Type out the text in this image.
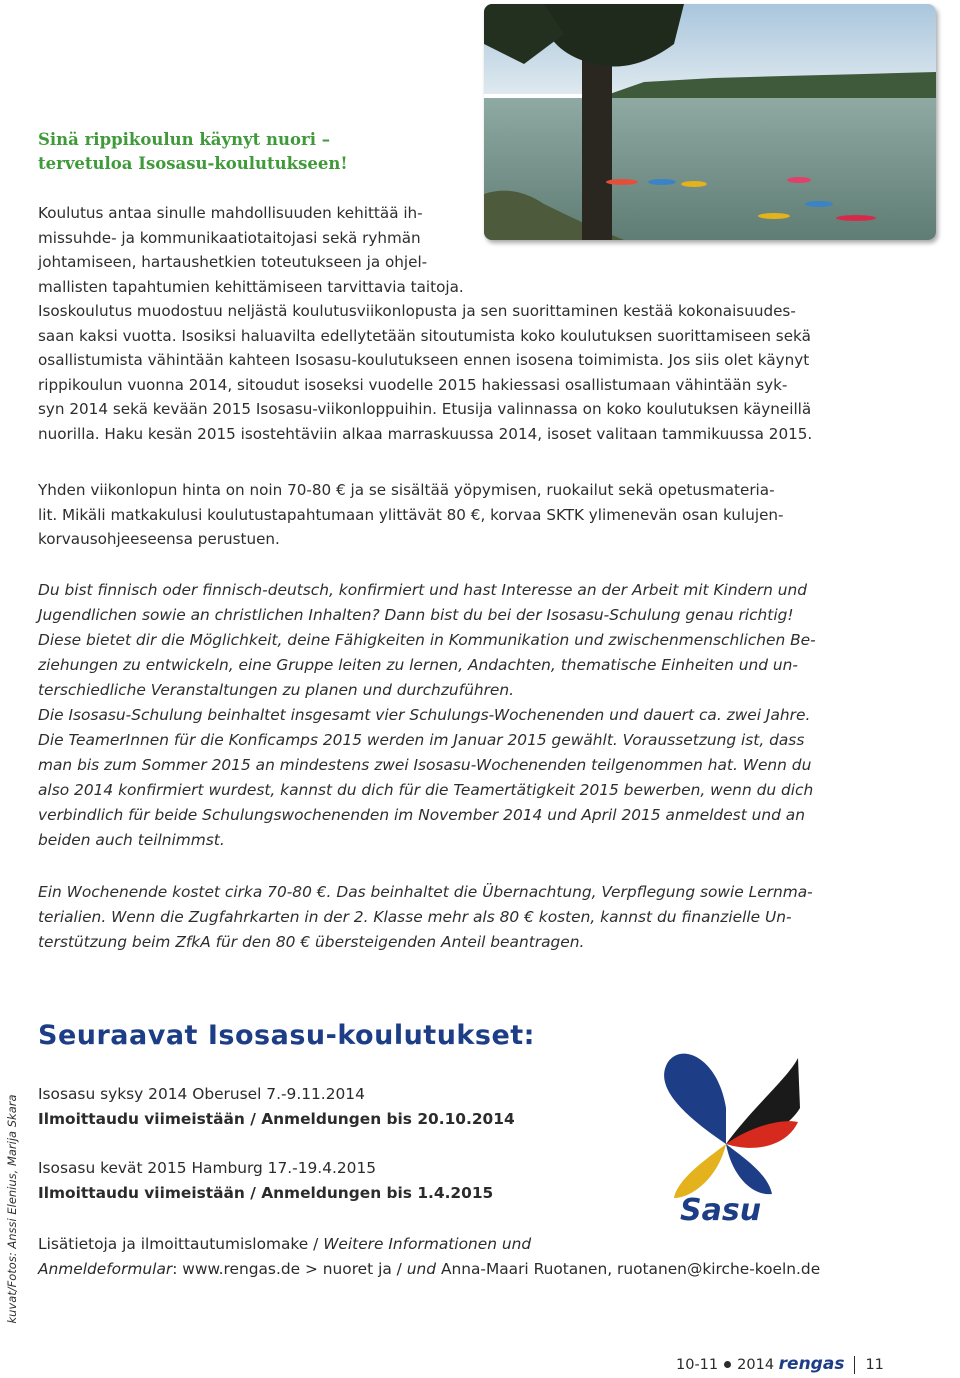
Sinä rippikoulun käynyt nuori –
tervetuloa Isosasu-koulutukseen!
Koulutus antaa sinulle mahdollisuuden kehittää ih-
missuhde- ja kommunikaatiotaitojasi sekä ryhmän
johtamiseen, hartaushetkien toteutukseen ja ohjel-
mallisten tapahtumien kehittämiseen tarvittavia taitoja.
Isoskoulutus muodostuu neljästä koulutusviikonlopusta ja sen suorittaminen kestää kokonaisuudes-
saan kaksi vuotta. Isosiksi haluavilta edellytetään sitoutumista koko koulutuksen suorittamiseen sekä
osallistumista vähintään kahteen Isosasu-koulutukseen ennen isosena toimimista. Jos siis olet käynyt
rippikoulun vuonna 2014, sitoudut isoseksi vuodelle 2015 hakiessasi osallistumaan vähintään syk-
syn 2014 sekä kevään 2015 Isosasu-viikonloppuihin. Etusija valinnassa on koko koulutuksen käyneillä
nuorilla. Haku kesän 2015 isostehtäviin alkaa marraskuussa 2014, isoset valitaan tammikuussa 2015.
Yhden viikonlopun hinta on noin 70-80 € ja se sisältää yöpymisen, ruokailut sekä opetusmateria-
lit. Mikäli matkakulusi koulutustapahtumaan ylittävät 80 €, korvaa SKTK ylimenevän osan kulujen-
korvausohjeeseensa perustuen.
Du bist finnisch oder finnisch-deutsch, konfirmiert und hast Interesse an der Arbeit mit Kindern und
Jugendlichen sowie an christlichen Inhalten? Dann bist du bei der Isosasu-Schulung genau richtig!
Diese bietet dir die Möglichkeit, deine Fähigkeiten in Kommunikation und zwischenmenschlichen Be-
ziehungen zu entwickeln, eine Gruppe leiten zu lernen, Andachten, thematische Einheiten und un-
terschiedliche Veranstaltungen zu planen und durchzuführen.
Die Isosasu-Schulung beinhaltet insgesamt vier Schulungs-Wochenenden und dauert ca. zwei Jahre.
Die TeamerInnen für die Konficamps 2015 werden im Januar 2015 gewählt. Voraussetzung ist, dass
man bis zum Sommer 2015 an mindestens zwei Isosasu-Wochenenden teilgenommen hat. Wenn du
also 2014 konfirmiert wurdest, kannst du dich für die Teamertätigkeit 2015 bewerben, wenn du dich
verbindlich für beide Schulungswochenenden im November 2014 und April 2015 anmeldest und an
beiden auch teilnimmst.
Ein Wochenende kostet cirka 70-80 €. Das beinhaltet die Übernachtung, Verpflegung sowie Lernma-
terialien. Wenn die Zugfahrkarten in der 2. Klasse mehr als 80 € kosten, kannst du finanzielle Un-
terstützung beim ZfkA für den 80 € übersteigenden Anteil beantragen.
Seuraavat Isosasu-koulutukset:
Isosasu syksy 2014 Oberusel 7.-9.11.2014
Ilmoittaudu viimeistään / Anmeldungen bis 20.10.2014
Isosasu kevät 2015 Hamburg 17.-19.4.2015
Ilmoittaudu viimeistään / Anmeldungen bis 1.4.2015
Lisätietoja ja ilmoittautumislomake / Weitere Informationen und
Anmeldeformular: www.rengas.de > nuoret ja / und Anna-Maari Ruotanen, ruotanen@kirche-koeln.de
kuvat/Fotos: Anssi Elenius, Marija Skara	Sasu
10-11 2014 rengas 11
